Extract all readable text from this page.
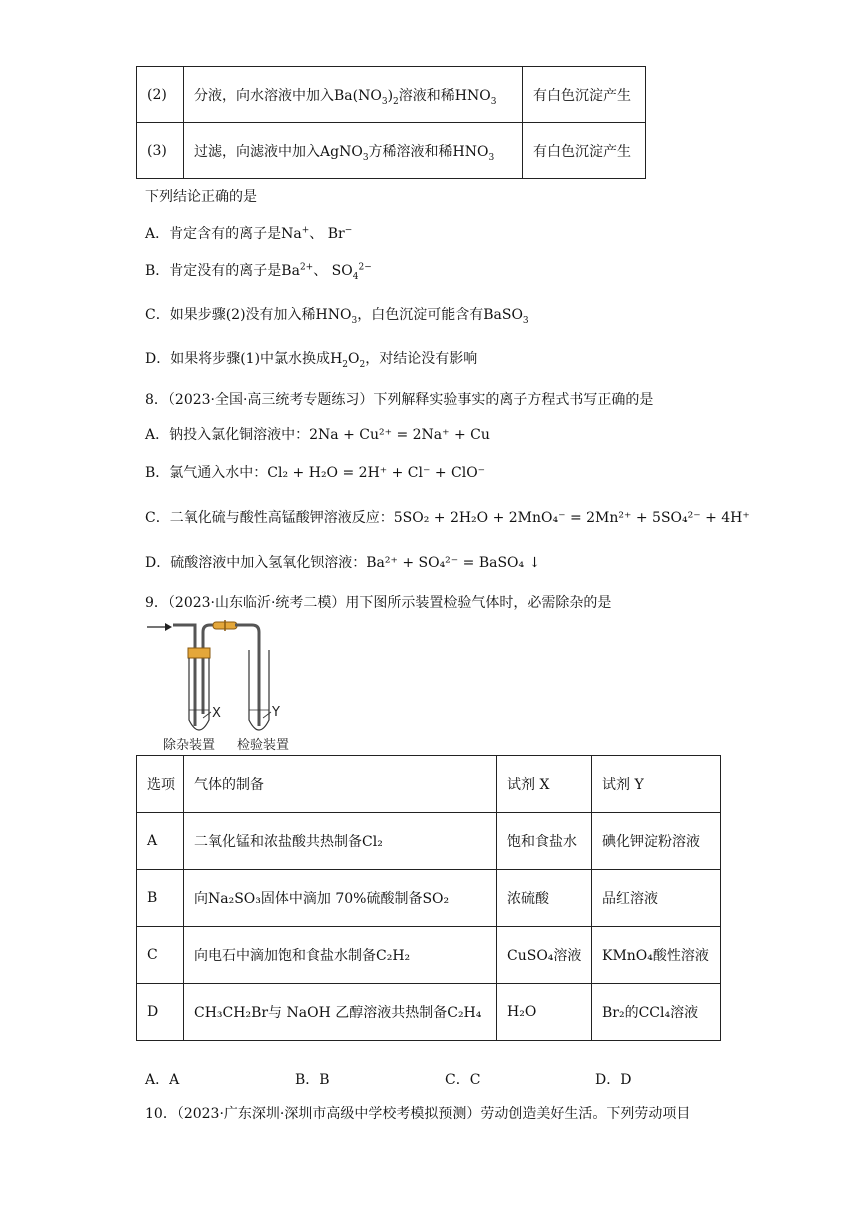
(2)	分液，向水溶液中加入$Ba(NO_3)_2$溶液和稀$HNO_3$	有白色沉淀产生
(3)	过滤，向滤液中加入AgNO$_3$方稀溶液和稀$HNO_3$	有白色沉淀产生
下列结论正确的是
A．肯定含有的离子是Na+、 Br−
B．肯定没有的离子是$Ba^{2+}$、 $SO_4^{2-}$
C．如果步骤(2)没有加入稀$HNO_3$，白色沉淀可能含有BaSO$_3$
D．如果将步骤(1)中氯水换成$H_2O_2$，对结论没有影响
8．（2023·全国·高三统考专题练习）下列解释实验事实的离子方程式书写正确的是
A．钠投入氯化铜溶液中：2Na + Cu²⁺ = 2Na⁺ + Cu
B．氯气通入水中：Cl₂ + H₂O = 2H⁺ + Cl⁻ + ClO⁻
C．二氧化硫与酸性高锰酸钾溶液反应：5SO₂ + 2H₂O + 2MnO₄⁻ = 2Mn²⁺ + 5SO₄²⁻ + 4H⁺
D．硫酸溶液中加入氢氧化钡溶液：Ba²⁺ + SO₄²⁻ = BaSO₄ ↓
9．（2023·山东临沂·统考二模）用下图所示装置检验气体时，必需除杂的是
X	Y
除杂装置 检验装置
选项	气体的制备	试剂 X	试剂 Y
A	二氧化锰和浓盐酸共热制备Cl₂	饱和食盐水	碘化钾淀粉溶液
B	向Na₂SO₃固体中滴加 70%硫酸制备SO₂	浓硫酸	品红溶液
C	向电石中滴加饱和食盐水制备C₂H₂	CuSO₄溶液	KMnO₄酸性溶液
D	CH₃CH₂Br与 NaOH 乙醇溶液共热制备C₂H₄	H₂O	Br₂的CCl₄溶液
A．A	B．B	C．C	D．D
10．（2023·广东深圳·深圳市高级中学校考模拟预测）劳动创造美好生活。下列劳动项目
